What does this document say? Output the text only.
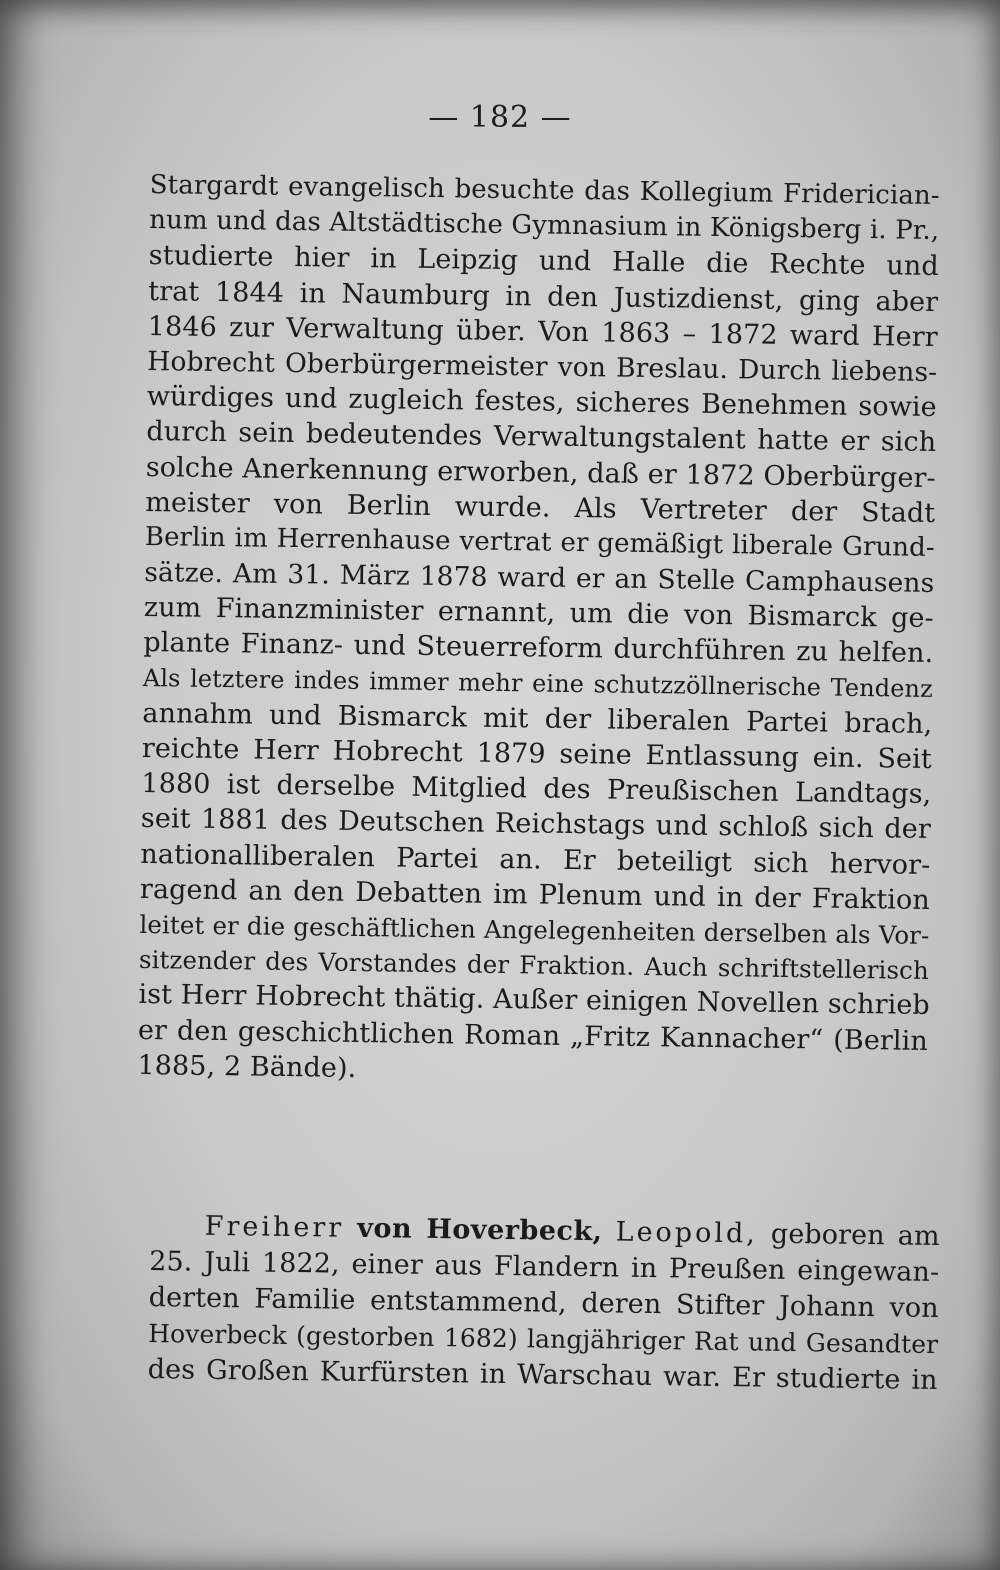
— 182 —
Stargardt evangelisch besuchte das Kollegium Friderician-
num und das Altstädtische Gymnasium in Königsberg i. Pr.,
studierte hier in Leipzig und Halle die Rechte und
trat 1844 in Naumburg in den Justizdienst, ging aber
1846 zur Verwaltung über. Von 1863 – 1872 ward Herr
Hobrecht Oberbürgermeister von Breslau. Durch liebens-
würdiges und zugleich festes, sicheres Benehmen sowie
durch sein bedeutendes Verwaltungstalent hatte er sich
solche Anerkennung erworben, daß er 1872 Oberbürger-
meister von Berlin wurde. Als Vertreter der Stadt
Berlin im Herrenhause vertrat er gemäßigt liberale Grund-
sätze. Am 31. März 1878 ward er an Stelle Camphausens
zum Finanzminister ernannt, um die von Bismarck ge-
plante Finanz- und Steuerreform durchführen zu helfen.
Als letztere indes immer mehr eine schutzzöllnerische Tendenz
annahm und Bismarck mit der liberalen Partei brach,
reichte Herr Hobrecht 1879 seine Entlassung ein. Seit
1880 ist derselbe Mitglied des Preußischen Landtags,
seit 1881 des Deutschen Reichstags und schloß sich der
nationalliberalen Partei an. Er beteiligt sich hervor-
ragend an den Debatten im Plenum und in der Fraktion
leitet er die geschäftlichen Angelegenheiten derselben als Vor-
sitzender des Vorstandes der Fraktion. Auch schriftstellerisch
ist Herr Hobrecht thätig. Außer einigen Novellen schrieb
er den geschichtlichen Roman „Fritz Kannacher“ (Berlin
1885, 2 Bände).
Freiherr von Hoverbeck, Leopold, geboren am
25. Juli 1822, einer aus Flandern in Preußen eingewan-
derten Familie entstammend, deren Stifter Johann von
Hoverbeck (gestorben 1682) langjähriger Rat und Gesandter
des Großen Kurfürsten in Warschau war. Er studierte in
